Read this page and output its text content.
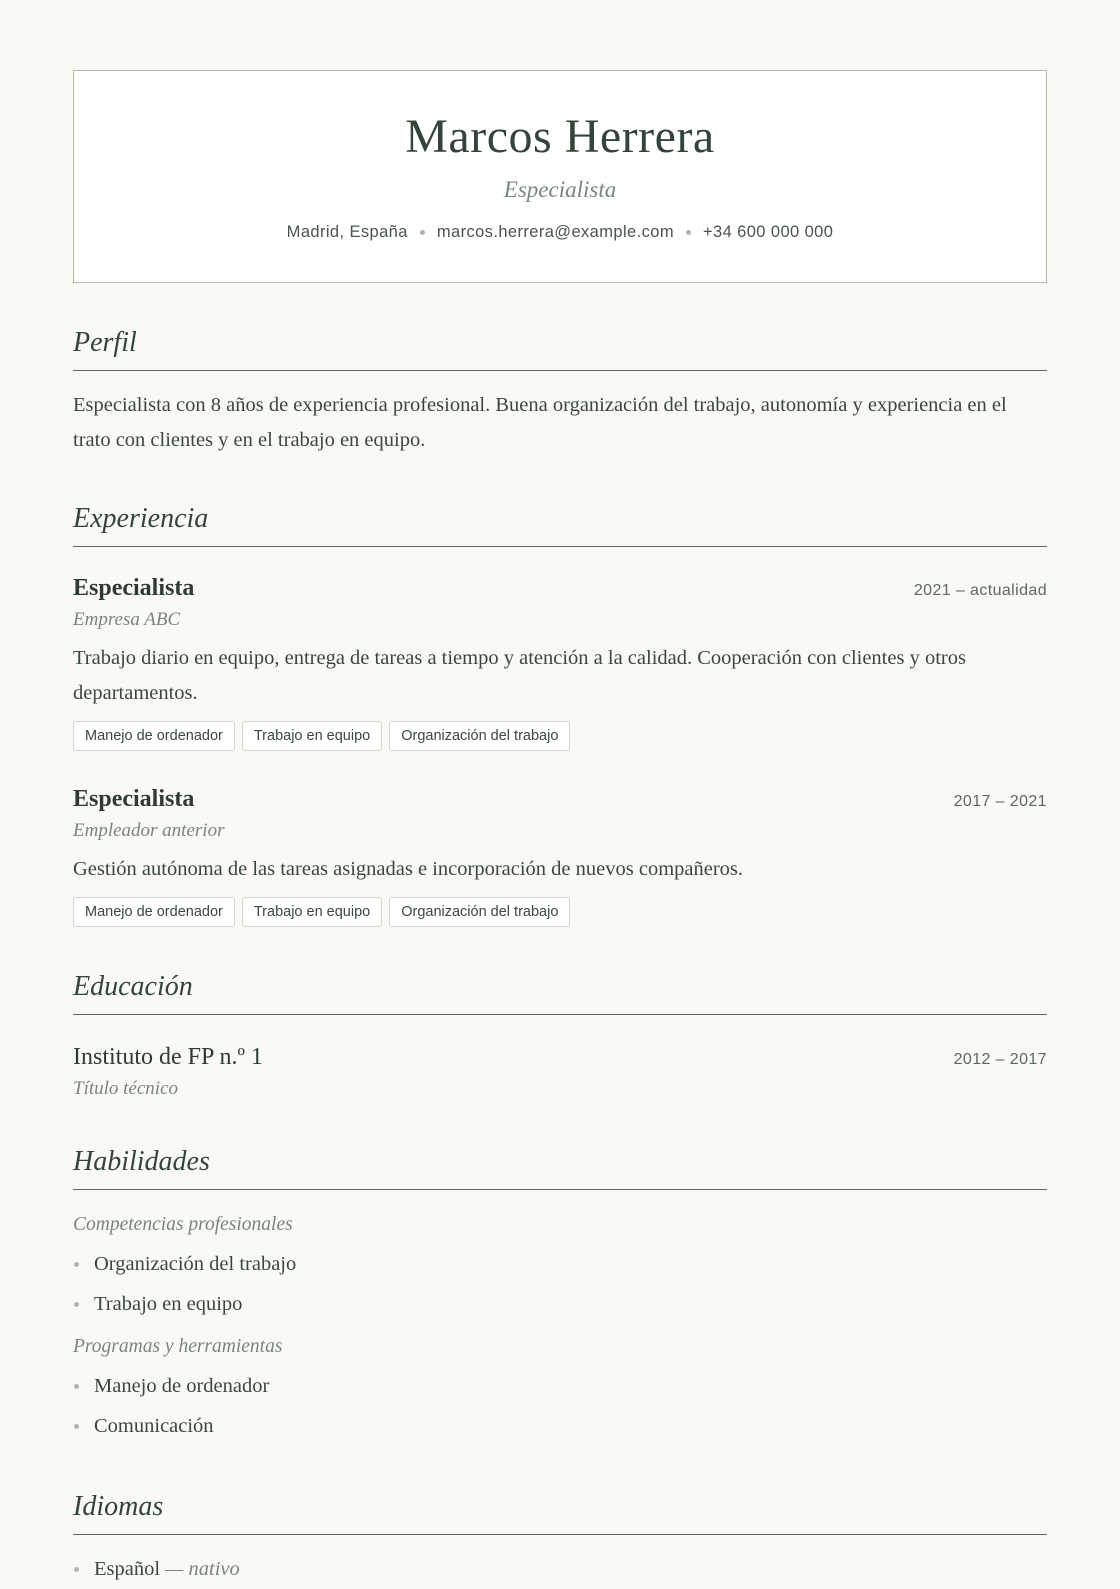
Marcos Herrera
Especialista
Madrid, España marcos.herrera@example.com +34 600 000 000
Perfil
Especialista con 8 años de experiencia profesional. Buena organización del trabajo, autonomía y experiencia en el trato con clientes y en el trabajo en equipo.
Experiencia
Especialista	2021 – actualidad
Empresa ABC
Trabajo diario en equipo, entrega de tareas a tiempo y atención a la calidad. Cooperación con clientes y otros departamentos.
Manejo de ordenador	Trabajo en equipo	Organización del trabajo
Especialista	2017 – 2021
Empleador anterior
Gestión autónoma de las tareas asignadas e incorporación de nuevos compañeros.
Manejo de ordenador	Trabajo en equipo	Organización del trabajo
Educación
Instituto de FP n.º 1	2012 – 2017
Título técnico
Habilidades
Competencias profesionales
Organización del trabajo
Trabajo en equipo
Programas y herramientas
Manejo de ordenador
Comunicación
Idiomas
Español — nativo
